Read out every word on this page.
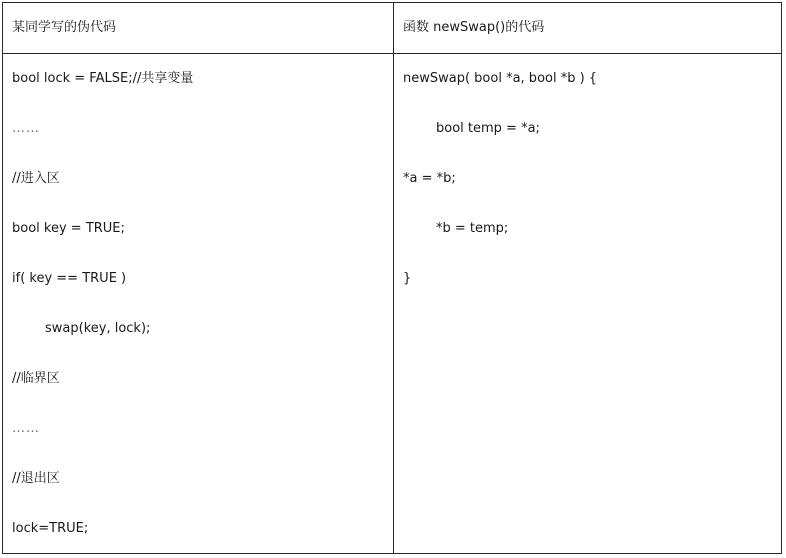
某同学写的伪代码	函数 newSwap()的代码
bool lock = FALSE;//共享变量
……
//进入区
bool key = TRUE;
if( key == TRUE )
swap(key, lock);
//临界区
……
//退出区
lock=TRUE;
newSwap( bool *a, bool *b ) {
bool temp = *a;
*a = *b;
*b = temp;
}
